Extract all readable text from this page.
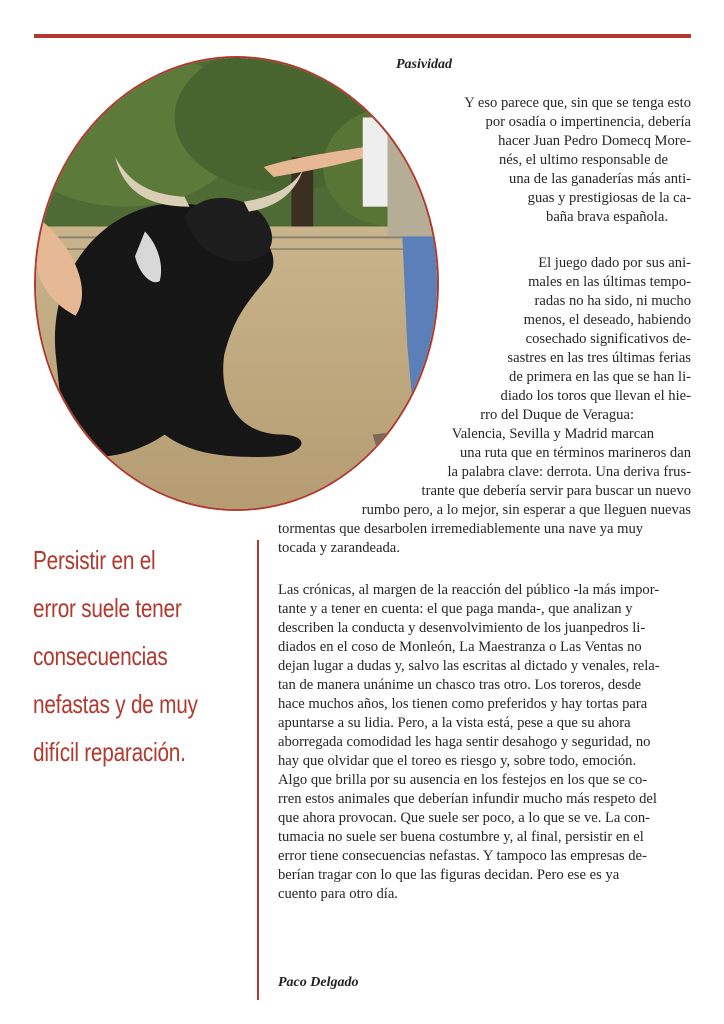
Pasividad

Y eso parece que, sin que se tenga esto

por osadía o impertinencia, debería

hacer Juan Pedro Domecq More-

nés, el ultimo responsable de

una de las ganaderías más anti-

guas y prestigiosas de la ca-

baña brava española.

El juego dado por sus ani-

males en las últimas tempo-

radas no ha sido, ni mucho

menos, el deseado, habiendo

cosechado significativos de-

sastres en las tres últimas ferias

de primera en las que se han li-

diado los toros que llevan el hie-

rro del Duque de Veragua:

Valencia, Sevilla y Madrid marcan

una ruta que en términos marineros dan

la palabra clave: derrota. Una deriva frus-

trante que debería servir para buscar un nuevo

rumbo pero, a lo mejor, sin esperar a que lleguen nuevas

tormentas que desarbolen irremediablemente una nave ya muy

tocada y zarandeada.

Las crónicas, al margen de la reacción del público -la más impor-

tante y a tener en cuenta: el que paga manda-, que analizan y

describen la conducta y desenvolvimiento de los juanpedros li-

diados en el coso de Monleón, La Maestranza o Las Ventas no

dejan lugar a dudas y, salvo las escritas al dictado y venales, rela-

tan de manera unánime un chasco tras otro. Los toreros, desde

hace muchos años, los tienen como preferidos y hay tortas para

apuntarse a su lidia. Pero, a la vista está, pese a que su ahora

aborregada comodidad les haga sentir desahogo y seguridad, no

hay que olvidar que el toreo es riesgo y, sobre todo, emoción.

Algo que brilla por su ausencia en los festejos en los que se co-

rren estos animales que deberían infundir mucho más respeto del

que ahora provocan. Que suele ser poco, a lo que se ve. La con-

tumacia no suele ser buena costumbre y, al final, persistir en el

error tiene consecuencias nefastas. Y tampoco las empresas de-

berían tragar con lo que las figuras decidan. Pero ese es ya

cuento para otro día.

Persistir en el
error suele tener
consecuencias
nefastas y de muy
difícil reparación.

Paco Delgado
